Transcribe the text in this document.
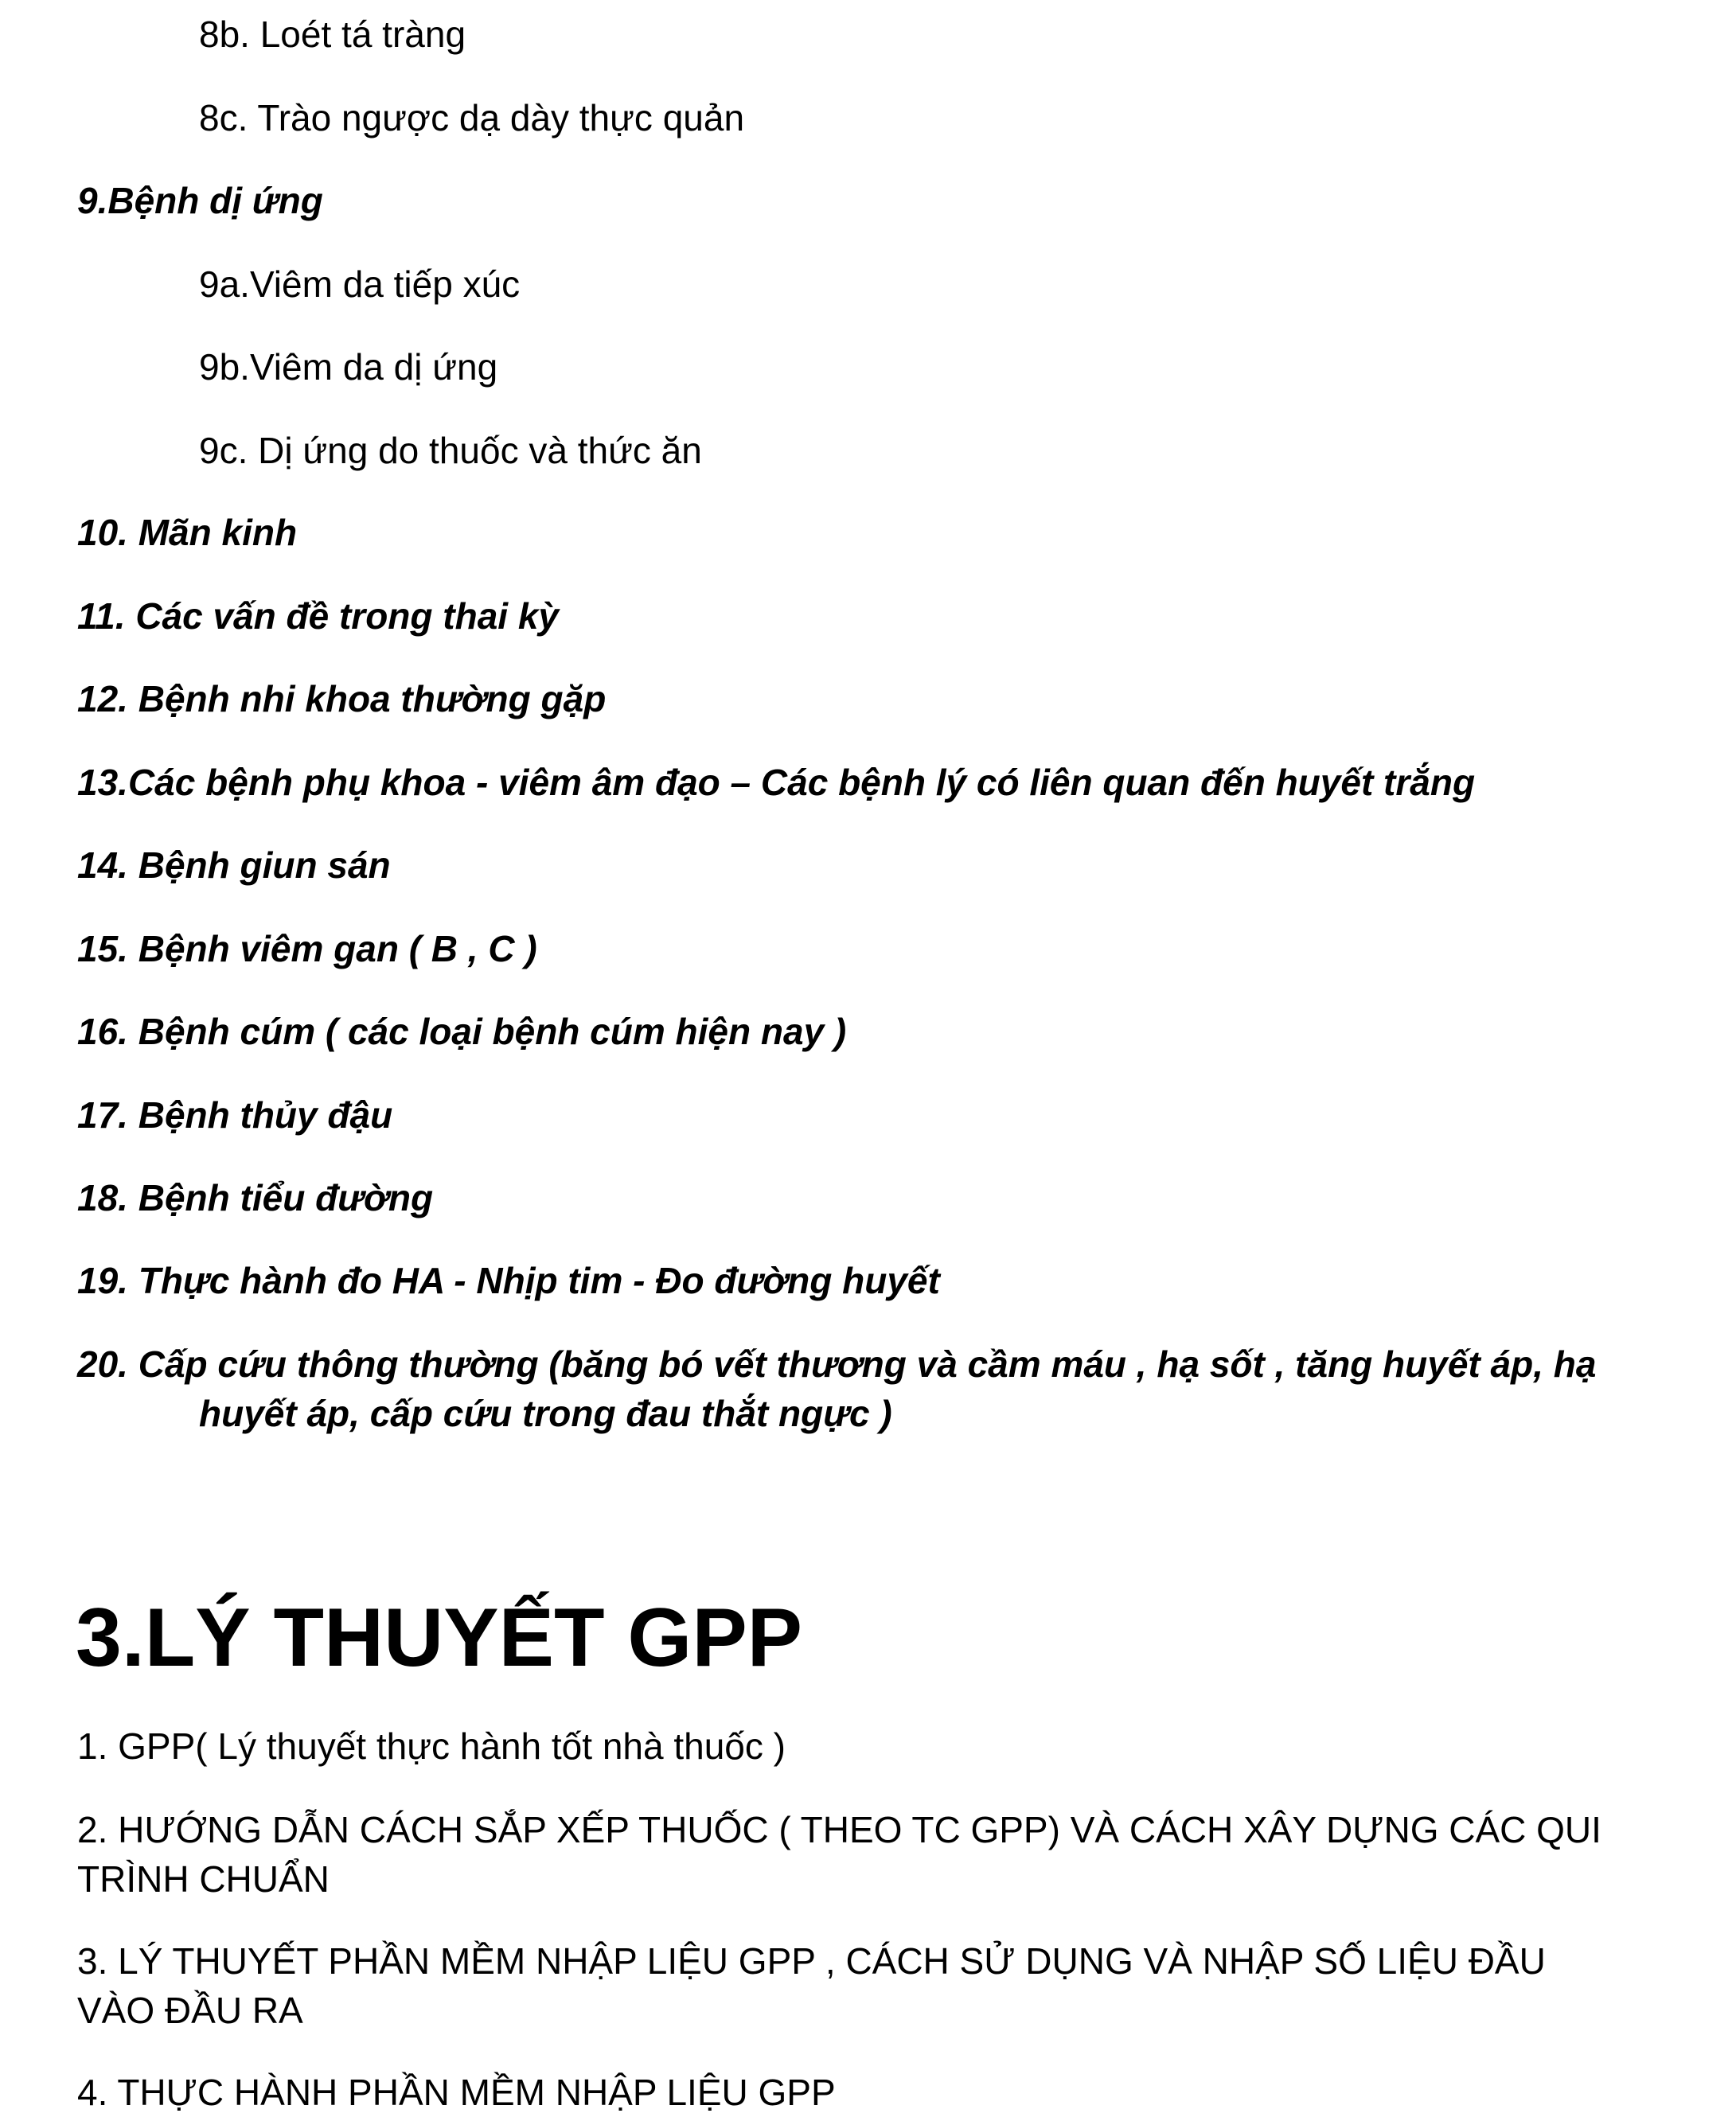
8b. Loét tá tràng
8c. Trào ngược dạ dày thực quản
9.Bệnh dị ứng
9a.Viêm da tiếp xúc
9b.Viêm da dị ứng
9c. Dị ứng do thuốc và thức ăn
10. Mãn kinh
11. Các vấn đề trong thai kỳ
12. Bệnh nhi khoa thường gặp
13.Các bệnh phụ khoa - viêm âm đạo – Các bệnh lý có liên quan đến huyết trắng
14. Bệnh giun sán
15. Bệnh viêm gan ( B , C )
16. Bệnh cúm ( các loại bệnh cúm hiện nay )
17. Bệnh thủy đậu
18. Bệnh tiểu đường
19. Thực hành đo HA - Nhịp tim - Đo đường huyết
20. Cấp cứu thông thường (băng bó vết thương và cầm máu , hạ sốt , tăng huyết áp, hạ
huyết áp, cấp cứu trong đau thắt ngực )
3.LÝ THUYẾT GPP
1. GPP( Lý thuyết thực hành tốt nhà thuốc )
2. HƯỚNG DẪN CÁCH SẮP XẾP THUỐC ( THEO TC GPP) VÀ CÁCH XÂY DỰNG CÁC QUI
TRÌNH CHUẨN
3. LÝ THUYẾT PHẦN MỀM NHẬP LIỆU GPP , CÁCH SỬ DỤNG VÀ NHẬP SỐ LIỆU ĐẦU
VÀO ĐẦU RA
4. THỰC HÀNH PHẦN MỀM NHẬP LIỆU GPP
